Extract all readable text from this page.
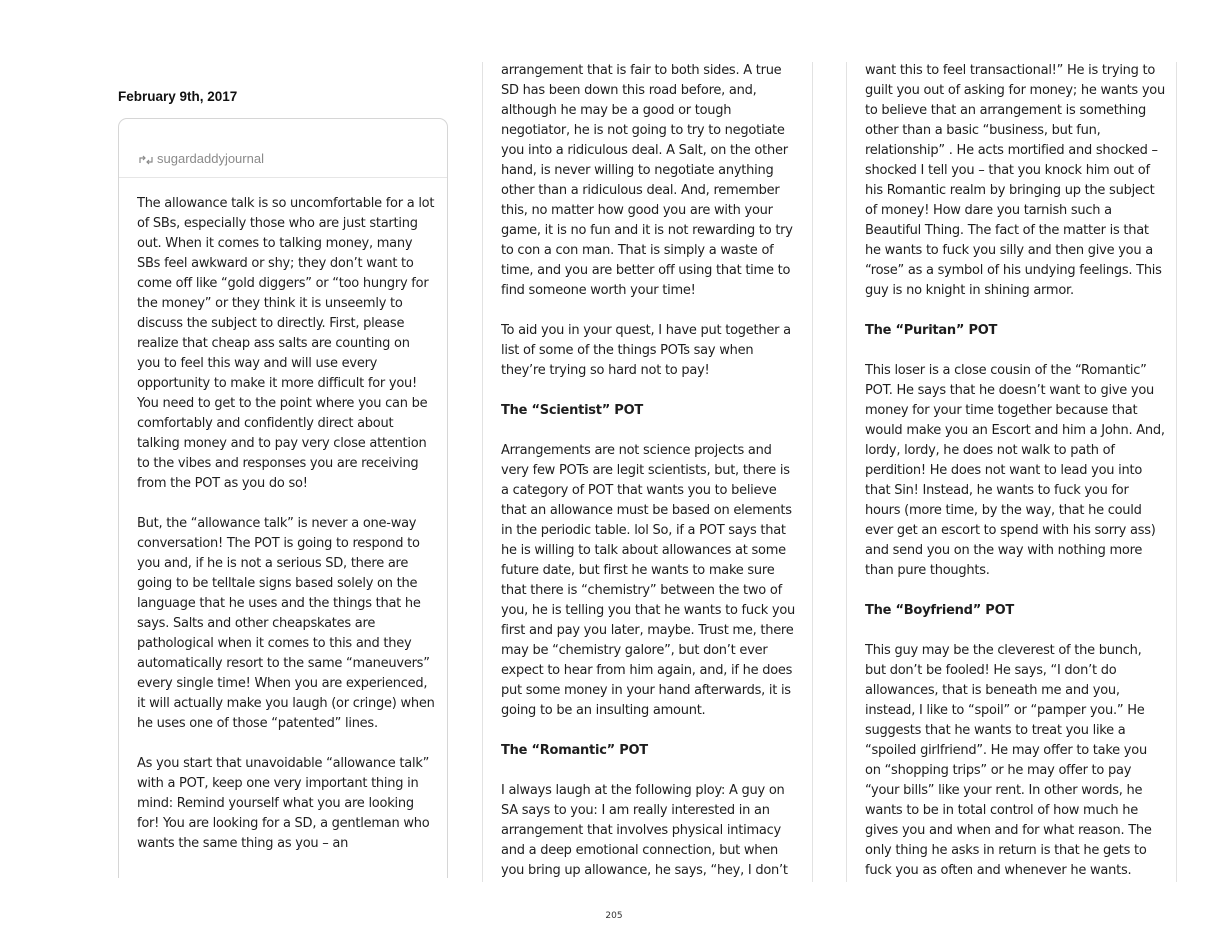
February 9th, 2017
sugardaddyjournal

The allowance talk is so uncomfortable for a lot of SBs, especially those who are just starting out. When it comes to talking money, many SBs feel awkward or shy; they don’t want to come off like “gold diggers” or “too hungry for the money” or they think it is unseemly to discuss the subject to directly. First, please realize that cheap ass salts are counting on you to feel this way and will use every opportunity to make it more difficult for you! You need to get to the point where you can be comfortably and confidently direct about talking money and to pay very close attention to the vibes and responses you are receiving from the POT as you do so!

But, the “allowance talk” is never a one-way conversation! The POT is going to respond to you and, if he is not a serious SD, there are going to be telltale signs based solely on the language that he uses and the things that he says. Salts and other cheapskates are pathological when it comes to this and they automatically resort to the same “maneuvers” every single time! When you are experienced, it will actually make you laugh (or cringe) when he uses one of those “patented” lines.

As you start that unavoidable “allowance talk” with a POT, keep one very important thing in mind: Remind yourself what you are looking for! You are looking for a SD, a gentleman who wants the same thing as you – an

arrangement that is fair to both sides. A true SD has been down this road before, and, although he may be a good or tough negotiator, he is not going to try to negotiate you into a ridiculous deal. A Salt, on the other hand, is never willing to negotiate anything other than a ridiculous deal. And, remember this, no matter how good you are with your game, it is no fun and it is not rewarding to try to con a con man. That is simply a waste of time, and you are better off using that time to find someone worth your time!

To aid you in your quest, I have put together a list of some of the things POTs say when they’re trying so hard not to pay!

The “Scientist” POT

Arrangements are not science projects and very few POTs are legit scientists, but, there is a category of POT that wants you to believe that an allowance must be based on elements in the periodic table. lol So, if a POT says that he is willing to talk about allowances at some future date, but first he wants to make sure that there is “chemistry” between the two of you, he is telling you that he wants to fuck you first and pay you later, maybe. Trust me, there may be “chemistry galore”, but don’t ever expect to hear from him again, and, if he does put some money in your hand afterwards, it is going to be an insulting amount.

The “Romantic” POT

I always laugh at the following ploy: A guy on SA says to you: I am really interested in an arrangement that involves physical intimacy and a deep emotional connection, but when you bring up allowance, he says, “hey, I don’t

want this to feel transactional!” He is trying to guilt you out of asking for money; he wants you to believe that an arrangement is something other than a basic “business, but fun, relationship” . He acts mortified and shocked – shocked I tell you – that you knock him out of his Romantic realm by bringing up the subject of money! How dare you tarnish such a Beautiful Thing. The fact of the matter is that he wants to fuck you silly and then give you a “rose” as a symbol of his undying feelings. This guy is no knight in shining armor.

The “Puritan” POT

This loser is a close cousin of the “Romantic” POT. He says that he doesn’t want to give you money for your time together because that would make you an Escort and him a John. And, lordy, lordy, he does not walk to path of perdition! He does not want to lead you into that Sin! Instead, he wants to fuck you for hours (more time, by the way, that he could ever get an escort to spend with his sorry ass) and send you on the way with nothing more than pure thoughts.

The “Boyfriend” POT

This guy may be the cleverest of the bunch, but don’t be fooled! He says, “I don’t do allowances, that is beneath me and you, instead, I like to “spoil” or “pamper you.” He suggests that he wants to treat you like a “spoiled girlfriend”. He may offer to take you on “shopping trips” or he may offer to pay “your bills” like your rent. In other words, he wants to be in total control of how much he gives you and when and for what reason. The only thing he asks in return is that he gets to fuck you as often and whenever he wants.

205
